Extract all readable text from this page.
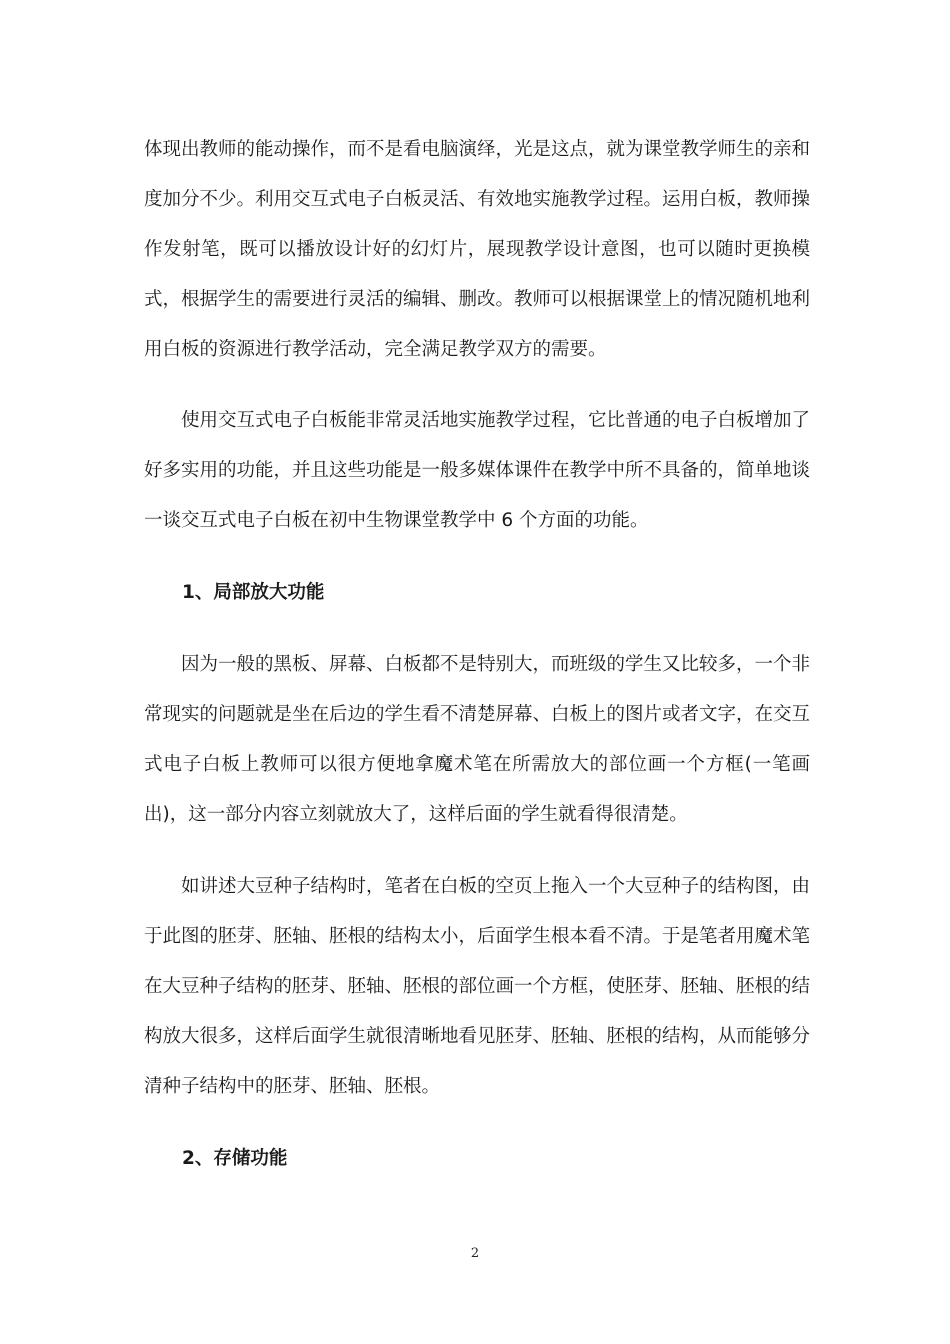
体现出教师的能动操作，而不是看电脑演绎，光是这点，就为课堂教学师生的亲和度加分不少。利用交互式电子白板灵活、有效地实施教学过程。运用白板，教师操作发射笔，既可以播放设计好的幻灯片，展现教学设计意图，也可以随时更换模式，根据学生的需要进行灵活的编辑、删改。教师可以根据课堂上的情况随机地利用白板的资源进行教学活动，完全满足教学双方的需要。

使用交互式电子白板能非常灵活地实施教学过程，它比普通的电子白板增加了好多实用的功能，并且这些功能是一般多媒体课件在教学中所不具备的，简单地谈一谈交互式电子白板在初中生物课堂教学中 6 个方面的功能。

1、局部放大功能

因为一般的黑板、屏幕、白板都不是特别大，而班级的学生又比较多，一个非常现实的问题就是坐在后边的学生看不清楚屏幕、白板上的图片或者文字，在交互式电子白板上教师可以很方便地拿魔术笔在所需放大的部位画一个方框(一笔画出)，这一部分内容立刻就放大了，这样后面的学生就看得很清楚。

如讲述大豆种子结构时，笔者在白板的空页上拖入一个大豆种子的结构图，由于此图的胚芽、胚轴、胚根的结构太小，后面学生根本看不清。于是笔者用魔术笔在大豆种子结构的胚芽、胚轴、胚根的部位画一个方框，使胚芽、胚轴、胚根的结构放大很多，这样后面学生就很清晰地看见胚芽、胚轴、胚根的结构，从而能够分清种子结构中的胚芽、胚轴、胚根。

2、存储功能
2
